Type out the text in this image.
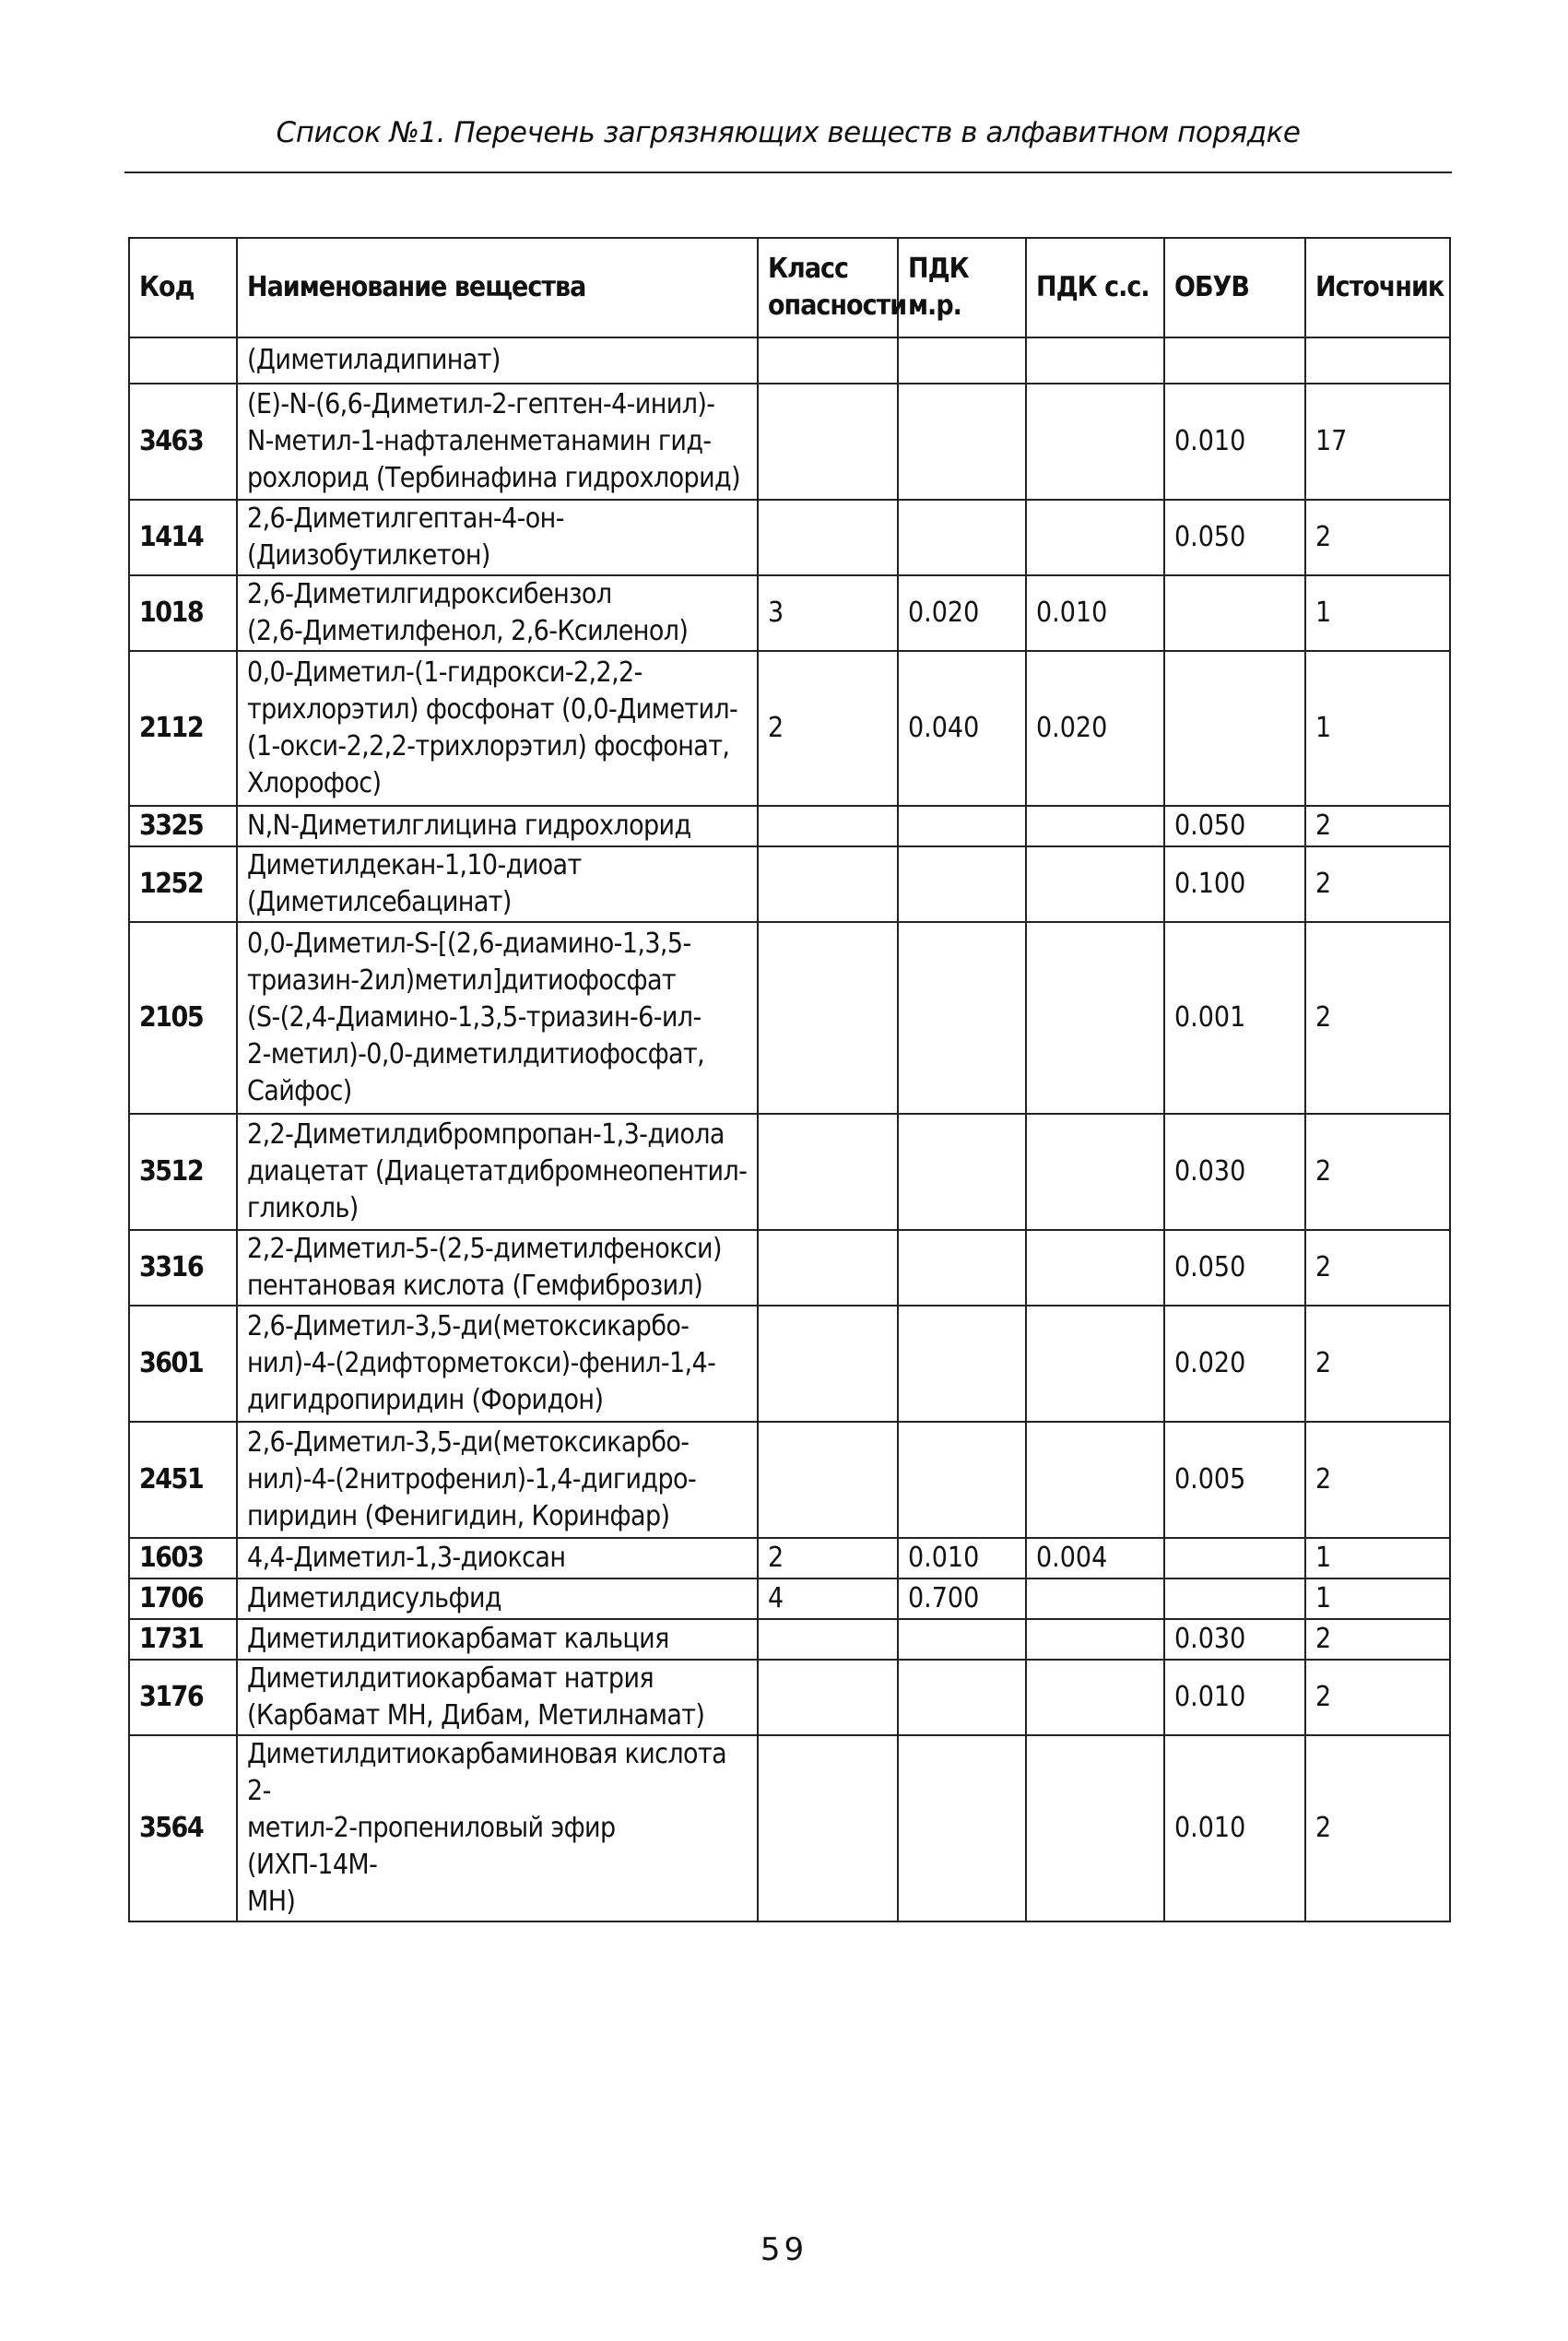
Список №1. Перечень загрязняющих веществ в алфавитном порядке
Код	Наименование вещества	Класс опасности	ПДК м.р.	ПДК с.с.	ОБУВ	Источник

	(Диметиладипинат)					

3463	(E)-N-(6,6-Диметил-2-гептен-4-инил)-
N-метил-1-нафталенметанамин гид-
рохлорид (Тербинафина гидрохлорид)				0.010	17
1414	2,6-Диметилгептан-4-он-
(Диизобутилкетон)				0.050	2
1018	2,6-Диметилгидроксибензол
(2,6-Диметилфенол, 2,6-Ксиленол)	3	0.020	0.010		1
2112	0,0-Диметил-(1-гидрокси-2,2,2-
трихлорэтил) фосфонат (0,0-Диметил-
(1-окси-2,2,2-трихлорэтил) фосфонат,
Хлорофос)	2	0.040	0.020		1
3325	N,N-Диметилглицина гидрохлорид				0.050	2
1252	Диметилдекан-1,10-диоат
(Диметилсебацинат)				0.100	2
2105	0,0-Диметил-S-[(2,6-диамино-1,3,5-
триазин-2ил)метил]дитиофосфат
(S-(2,4-Диамино-1,3,5-триазин-6-ил-
2-метил)-0,0-диметилдитиофосфат,
Сайфос)				0.001	2
3512	2,2-Диметилдибромпропан-1,3-диола
диацетат (Диацетатдибромнеопентил-
гликоль)				0.030	2
3316	2,2-Диметил-5-(2,5-диметилфенокси)
пентановая кислота (Гемфиброзил)				0.050	2
3601	2,6-Диметил-3,5-ди(метоксикарбо-
нил)-4-(2дифторметокси)-фенил-1,4-
дигидропиридин (Форидон)				0.020	2
2451	2,6-Диметил-3,5-ди(метоксикарбо-
нил)-4-(2нитрофенил)-1,4-дигидро-
пиридин (Фенигидин, Коринфар)				0.005	2
1603	4,4-Диметил-1,3-диоксан	2	0.010	0.004		1
1706	Диметилдисульфид	4	0.700			1
1731	Диметилдитиокарбамат кальция				0.030	2
3176	Диметилдитиокарбамат натрия
(Карбамат МН, Дибам, Метилнамат)				0.010	2
3564	Диметилдитиокарбаминовая кислота 2-
метил-2-пропениловый эфир (ИХП-14М-
МН)				0.010	2
59
